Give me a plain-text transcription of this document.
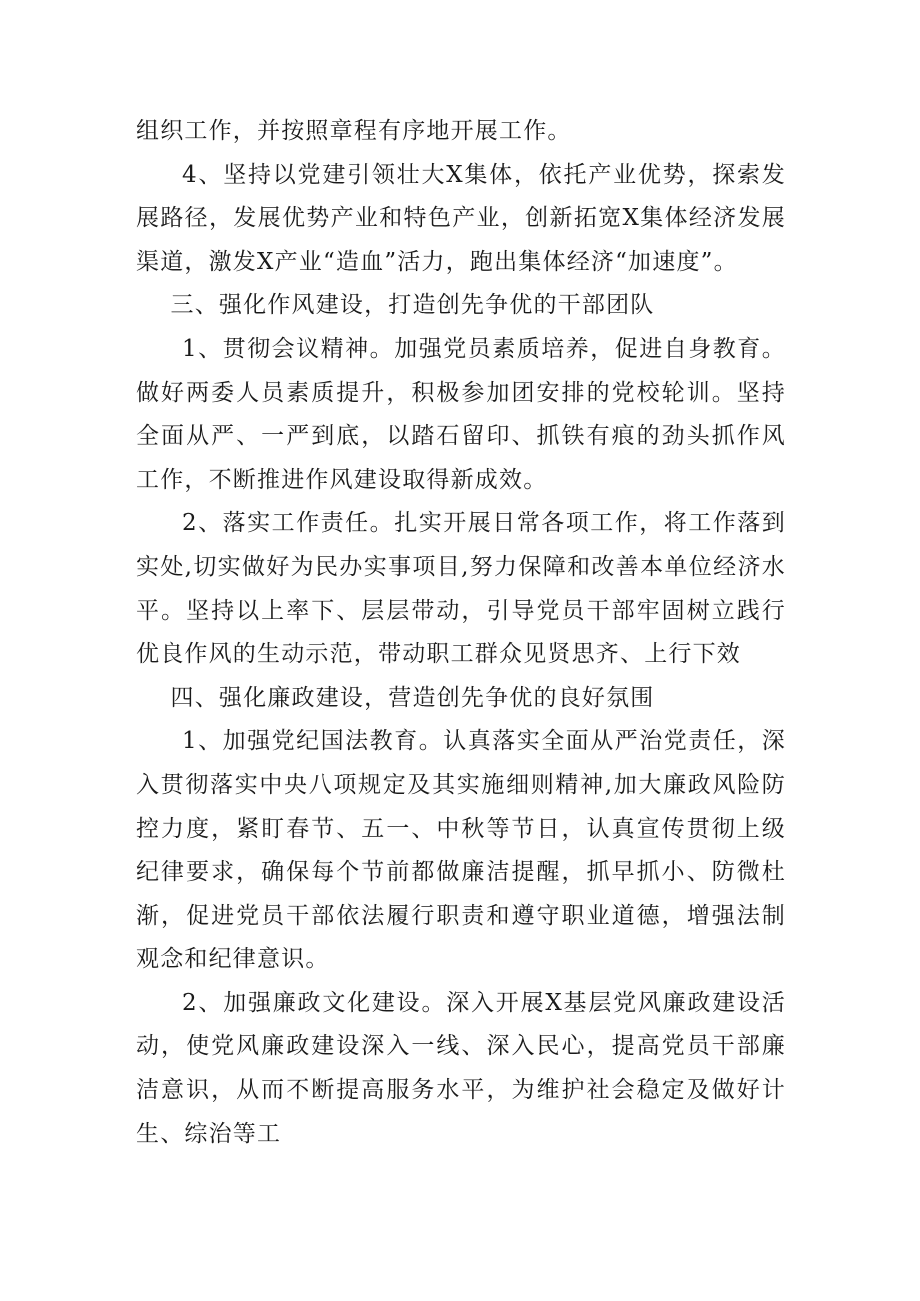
组织工作，并按照章程有序地开展工作。

4、坚持以党建引领壮大X集体，依托产业优势，探索发展路径，发展优势产业和特色产业，创新拓宽X集体经济发展渠道，激发X产业“造血”活力，跑出集体经济“加速度”。

三、强化作风建设，打造创先争优的干部团队

1、贯彻会议精神。加强党员素质培养，促进自身教育。做好两委人员素质提升，积极参加团安排的党校轮训。坚持全面从严、一严到底，以踏石留印、抓铁有痕的劲头抓作风工作，不断推进作风建设取得新成效。

2、落实工作责任。扎实开展日常各项工作，将工作落到实处,切实做好为民办实事项目,努力保障和改善本单位经济水平。坚持以上率下、层层带动，引导党员干部牢固树立践行优良作风的生动示范，带动职工群众见贤思齐、上行下效

四、强化廉政建设，营造创先争优的良好氛围

1、加强党纪国法教育。认真落实全面从严治党责任，深入贯彻落实中央八项规定及其实施细则精神,加大廉政风险防控力度，紧盯春节、五一、中秋等节日，认真宣传贯彻上级纪律要求，确保每个节前都做廉洁提醒，抓早抓小、防微杜渐，促进党员干部依法履行职责和遵守职业道德，增强法制观念和纪律意识。

2、加强廉政文化建设。深入开展X基层党风廉政建设活动，使党风廉政建设深入一线、深入民心，提高党员干部廉洁意识，从而不断提高服务水平，为维护社会稳定及做好计生、综治等工
